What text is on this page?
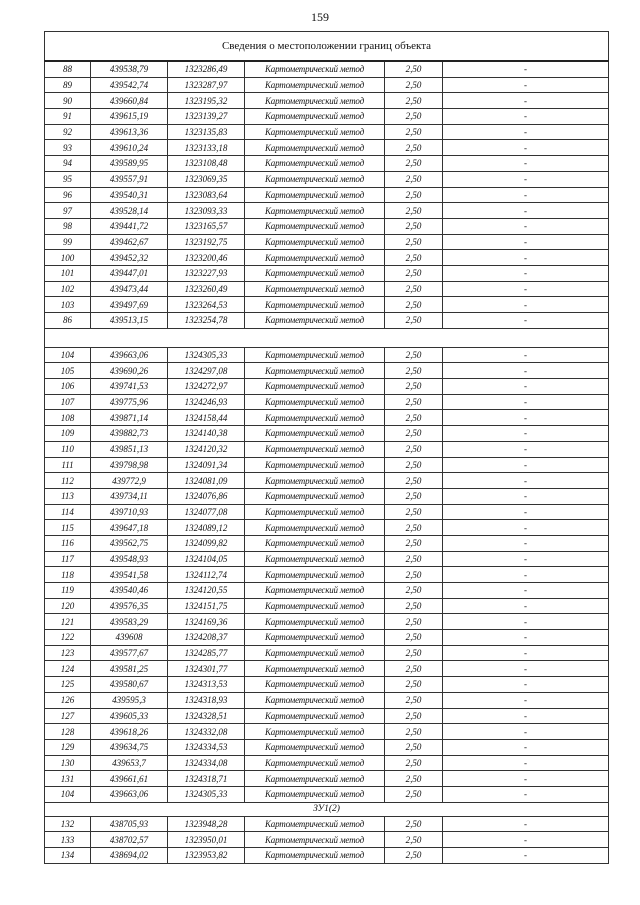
159
Сведения о местоположении границ объекта					
88	439538,79	1323286,49	Картометрический метод	2,50	-
89	439542,74	1323287,97	Картометрический метод	2,50	-
90	439660,84	1323195,32	Картометрический метод	2,50	-
91	439615,19	1323139,27	Картометрический метод	2,50	-
92	439613,36	1323135,83	Картометрический метод	2,50	-
93	439610,24	1323133,18	Картометрический метод	2,50	-
94	439589,95	1323108,48	Картометрический метод	2,50	-
95	439557,91	1323069,35	Картометрический метод	2,50	-
96	439540,31	1323083,64	Картометрический метод	2,50	-
97	439528,14	1323093,33	Картометрический метод	2,50	-
98	439441,72	1323165,57	Картометрический метод	2,50	-
99	439462,67	1323192,75	Картометрический метод	2,50	-
100	439452,32	1323200,46	Картометрический метод	2,50	-
101	439447,01	1323227,93	Картометрический метод	2,50	-
102	439473,44	1323260,49	Картометрический метод	2,50	-
103	439497,69	1323264,53	Картометрический метод	2,50	-
86	439513,15	1323254,78	Картометрический метод	2,50	-

104	439663,06	1324305,33	Картометрический метод	2,50	-
105	439690,26	1324297,08	Картометрический метод	2,50	-
106	439741,53	1324272,97	Картометрический метод	2,50	-
107	439775,96	1324246,93	Картометрический метод	2,50	-
108	439871,14	1324158,44	Картометрический метод	2,50	-
109	439882,73	1324140,38	Картометрический метод	2,50	-
110	439851,13	1324120,32	Картометрический метод	2,50	-
111	439798,98	1324091,34	Картометрический метод	2,50	-
112	439772,9	1324081,09	Картометрический метод	2,50	-
113	439734,11	1324076,86	Картометрический метод	2,50	-
114	439710,93	1324077,08	Картометрический метод	2,50	-
115	439647,18	1324089,12	Картометрический метод	2,50	-
116	439562,75	1324099,82	Картометрический метод	2,50	-
117	439548,93	1324104,05	Картометрический метод	2,50	-
118	439541,58	1324112,74	Картометрический метод	2,50	-
119	439540,46	1324120,55	Картометрический метод	2,50	-
120	439576,35	1324151,75	Картометрический метод	2,50	-
121	439583,29	1324169,36	Картометрический метод	2,50	-
122	439608	1324208,37	Картометрический метод	2,50	-
123	439577,67	1324285,77	Картометрический метод	2,50	-
124	439581,25	1324301,77	Картометрический метод	2,50	-
125	439580,67	1324313,53	Картометрический метод	2,50	-
126	439595,3	1324318,93	Картометрический метод	2,50	-
127	439605,33	1324328,51	Картометрический метод	2,50	-
128	439618,26	1324332,08	Картометрический метод	2,50	-
129	439634,75	1324334,53	Картометрический метод	2,50	-
130	439653,7	1324334,08	Картометрический метод	2,50	-
131	439661,61	1324318,71	Картометрический метод	2,50	-
104	439663,06	1324305,33	Картометрический метод	2,50	-
ЗУ1(2)					
132	438705,93	1323948,28	Картометрический метод	2,50	-
133	438702,57	1323950,01	Картометрический метод	2,50	-
134	438694,02	1323953,82	Картометрический метод	2,50	-
